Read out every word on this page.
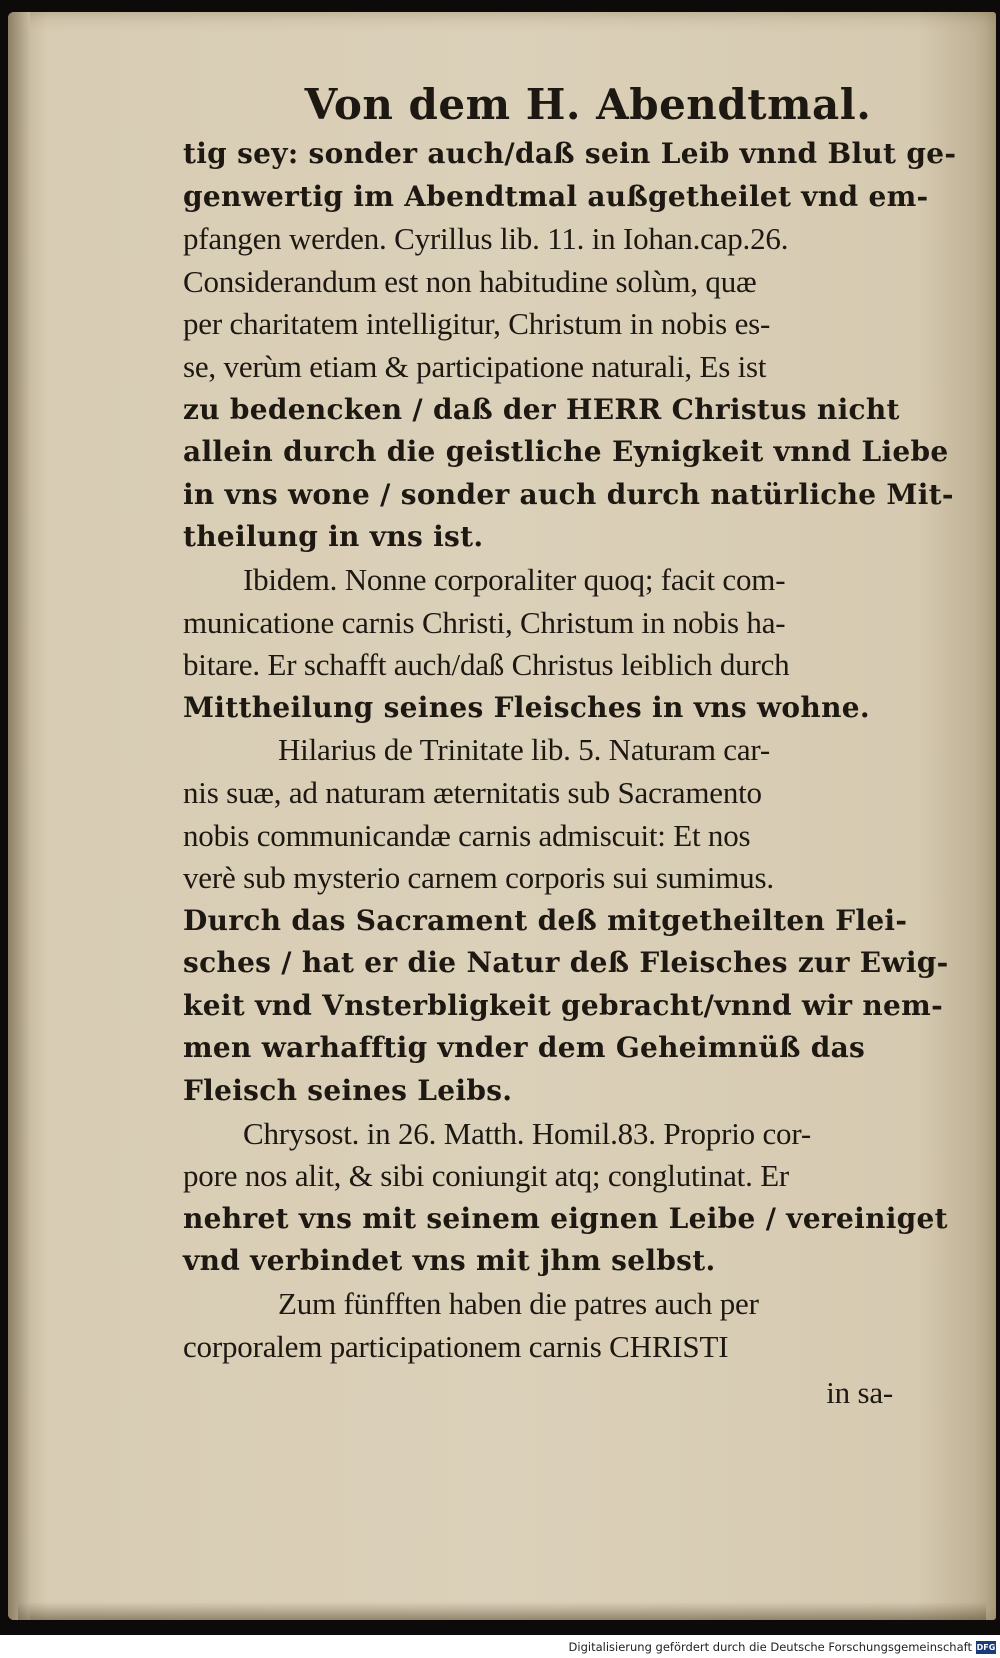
Von dem H. Abendtmal.
tig sey: sonder auch/daß sein Leib vnnd Blut ge-
genwertig im Abendtmal außgetheilet vnd em-
pfangen werden. Cyrillus lib. 11. in Iohan.cap.26.
Considerandum est non habitudine solùm, quæ
per charitatem intelligitur, Christum in nobis es-
se, verùm etiam & participatione naturali, Es ist
zu bedencken / daß der HERR Christus nicht
allein durch die geistliche Eynigkeit vnnd Liebe
in vns wone / sonder auch durch natürliche Mit-
theilung in vns ist.
Ibidem. Nonne corporaliter quoq; facit com-
municatione carnis Christi, Christum in nobis ha-
bitare. Er schafft auch/daß Christus leiblich durch
Mittheilung seines Fleisches in vns wohne.
Hilarius de Trinitate lib. 5. Naturam car-
nis suæ, ad naturam æternitatis sub Sacramento
nobis communicandæ carnis admiscuit: Et nos
verè sub mysterio carnem corporis sui sumimus.
Durch das Sacrament deß mitgetheilten Flei-
sches / hat er die Natur deß Fleisches zur Ewig-
keit vnd Vnsterbligkeit gebracht/vnnd wir nem-
men warhafftig vnder dem Geheimnüß das
Fleisch seines Leibs.
Chrysost. in 26. Matth. Homil.83. Proprio cor-
pore nos alit, & sibi coniungit atq; conglutinat. Er
nehret vns mit seinem eignen Leibe / vereiniget
vnd verbindet vns mit jhm selbst.
Zum fünfften haben die patres auch per
corporalem participationem carnis CHRISTI
in sa-
Digitalisierung gefördert durch die Deutsche Forschungsgemeinschaft DFG
